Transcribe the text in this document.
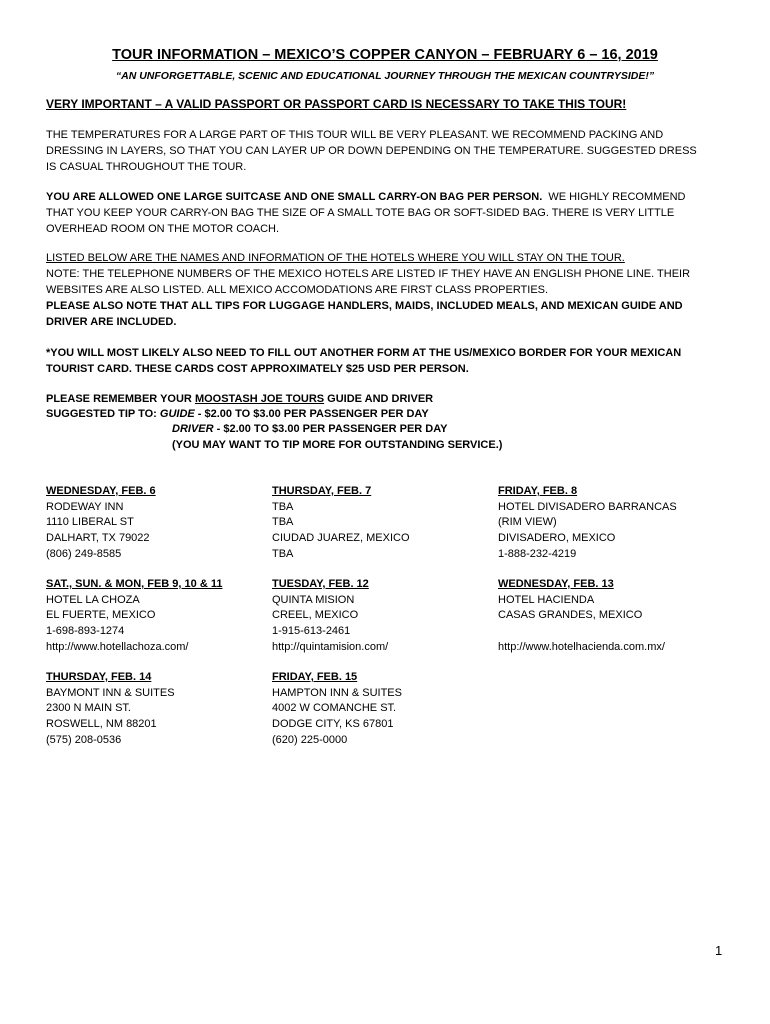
TOUR INFORMATION – MEXICO’S COPPER CANYON – FEBRUARY 6 – 16, 2019
“AN UNFORGETTABLE, SCENIC AND EDUCATIONAL JOURNEY THROUGH THE MEXICAN COUNTRYSIDE!”
VERY IMPORTANT – A VALID PASSPORT OR PASSPORT CARD IS NECESSARY TO TAKE THIS TOUR!
THE TEMPERATURES FOR A LARGE PART OF THIS TOUR WILL BE VERY PLEASANT. WE RECOMMEND PACKING AND
DRESSING IN LAYERS, SO THAT YOU CAN LAYER UP OR DOWN DEPENDING ON THE TEMPERATURE. SUGGESTED DRESS
IS CASUAL THROUGHOUT THE TOUR.
YOU ARE ALLOWED ONE LARGE SUITCASE AND ONE SMALL CARRY-ON BAG PER PERSON. WE HIGHLY RECOMMEND
THAT YOU KEEP YOUR CARRY-ON BAG THE SIZE OF A SMALL TOTE BAG OR SOFT-SIDED BAG. THERE IS VERY LITTLE
OVERHEAD ROOM ON THE MOTOR COACH.
LISTED BELOW ARE THE NAMES AND INFORMATION OF THE HOTELS WHERE YOU WILL STAY ON THE TOUR.
NOTE: THE TELEPHONE NUMBERS OF THE MEXICO HOTELS ARE LISTED IF THEY HAVE AN ENGLISH PHONE LINE. THEIR
WEBSITES ARE ALSO LISTED. ALL MEXICO ACCOMODATIONS ARE FIRST CLASS PROPERTIES.
PLEASE ALSO NOTE THAT ALL TIPS FOR LUGGAGE HANDLERS, MAIDS, INCLUDED MEALS, AND MEXICAN GUIDE AND
DRIVER ARE INCLUDED.
*YOU WILL MOST LIKELY ALSO NEED TO FILL OUT ANOTHER FORM AT THE US/MEXICO BORDER FOR YOUR MEXICAN
TOURIST CARD. THESE CARDS COST APPROXIMATELY $25 USD PER PERSON.
PLEASE REMEMBER YOUR MOOSTASH JOE TOURS GUIDE AND DRIVER
SUGGESTED TIP TO: GUIDE - $2.00 TO $3.00 PER PASSENGER PER DAY
DRIVER - $2.00 TO $3.00 PER PASSENGER PER DAY
(YOU MAY WANT TO TIP MORE FOR OUTSTANDING SERVICE.)
WEDNESDAY, FEB. 6
RODEWAY INN
1110 LIBERAL ST
DALHART, TX 79022
(806) 249-8585
THURSDAY, FEB. 7
TBA
TBA
CIUDAD JUAREZ, MEXICO
TBA
FRIDAY, FEB. 8
HOTEL DIVISADERO BARRANCAS
(RIM VIEW)
DIVISADERO, MEXICO
1-888-232-4219
SAT., SUN. & MON, FEB 9, 10 & 11
HOTEL LA CHOZA
EL FUERTE, MEXICO
1-698-893-1274
http://www.hotellachoza.com/
TUESDAY, FEB. 12
QUINTA MISION
CREEL, MEXICO
1-915-613-2461
http://quintamision.com/
WEDNESDAY, FEB. 13
HOTEL HACIENDA
CASAS GRANDES, MEXICO

http://www.hotelhacienda.com.mx/
THURSDAY, FEB. 14
BAYMONT INN & SUITES
2300 N MAIN ST.
ROSWELL, NM 88201
(575) 208-0536
FRIDAY, FEB. 15
HAMPTON INN & SUITES
4002 W COMANCHE ST.
DODGE CITY, KS 67801
(620) 225-0000
1
